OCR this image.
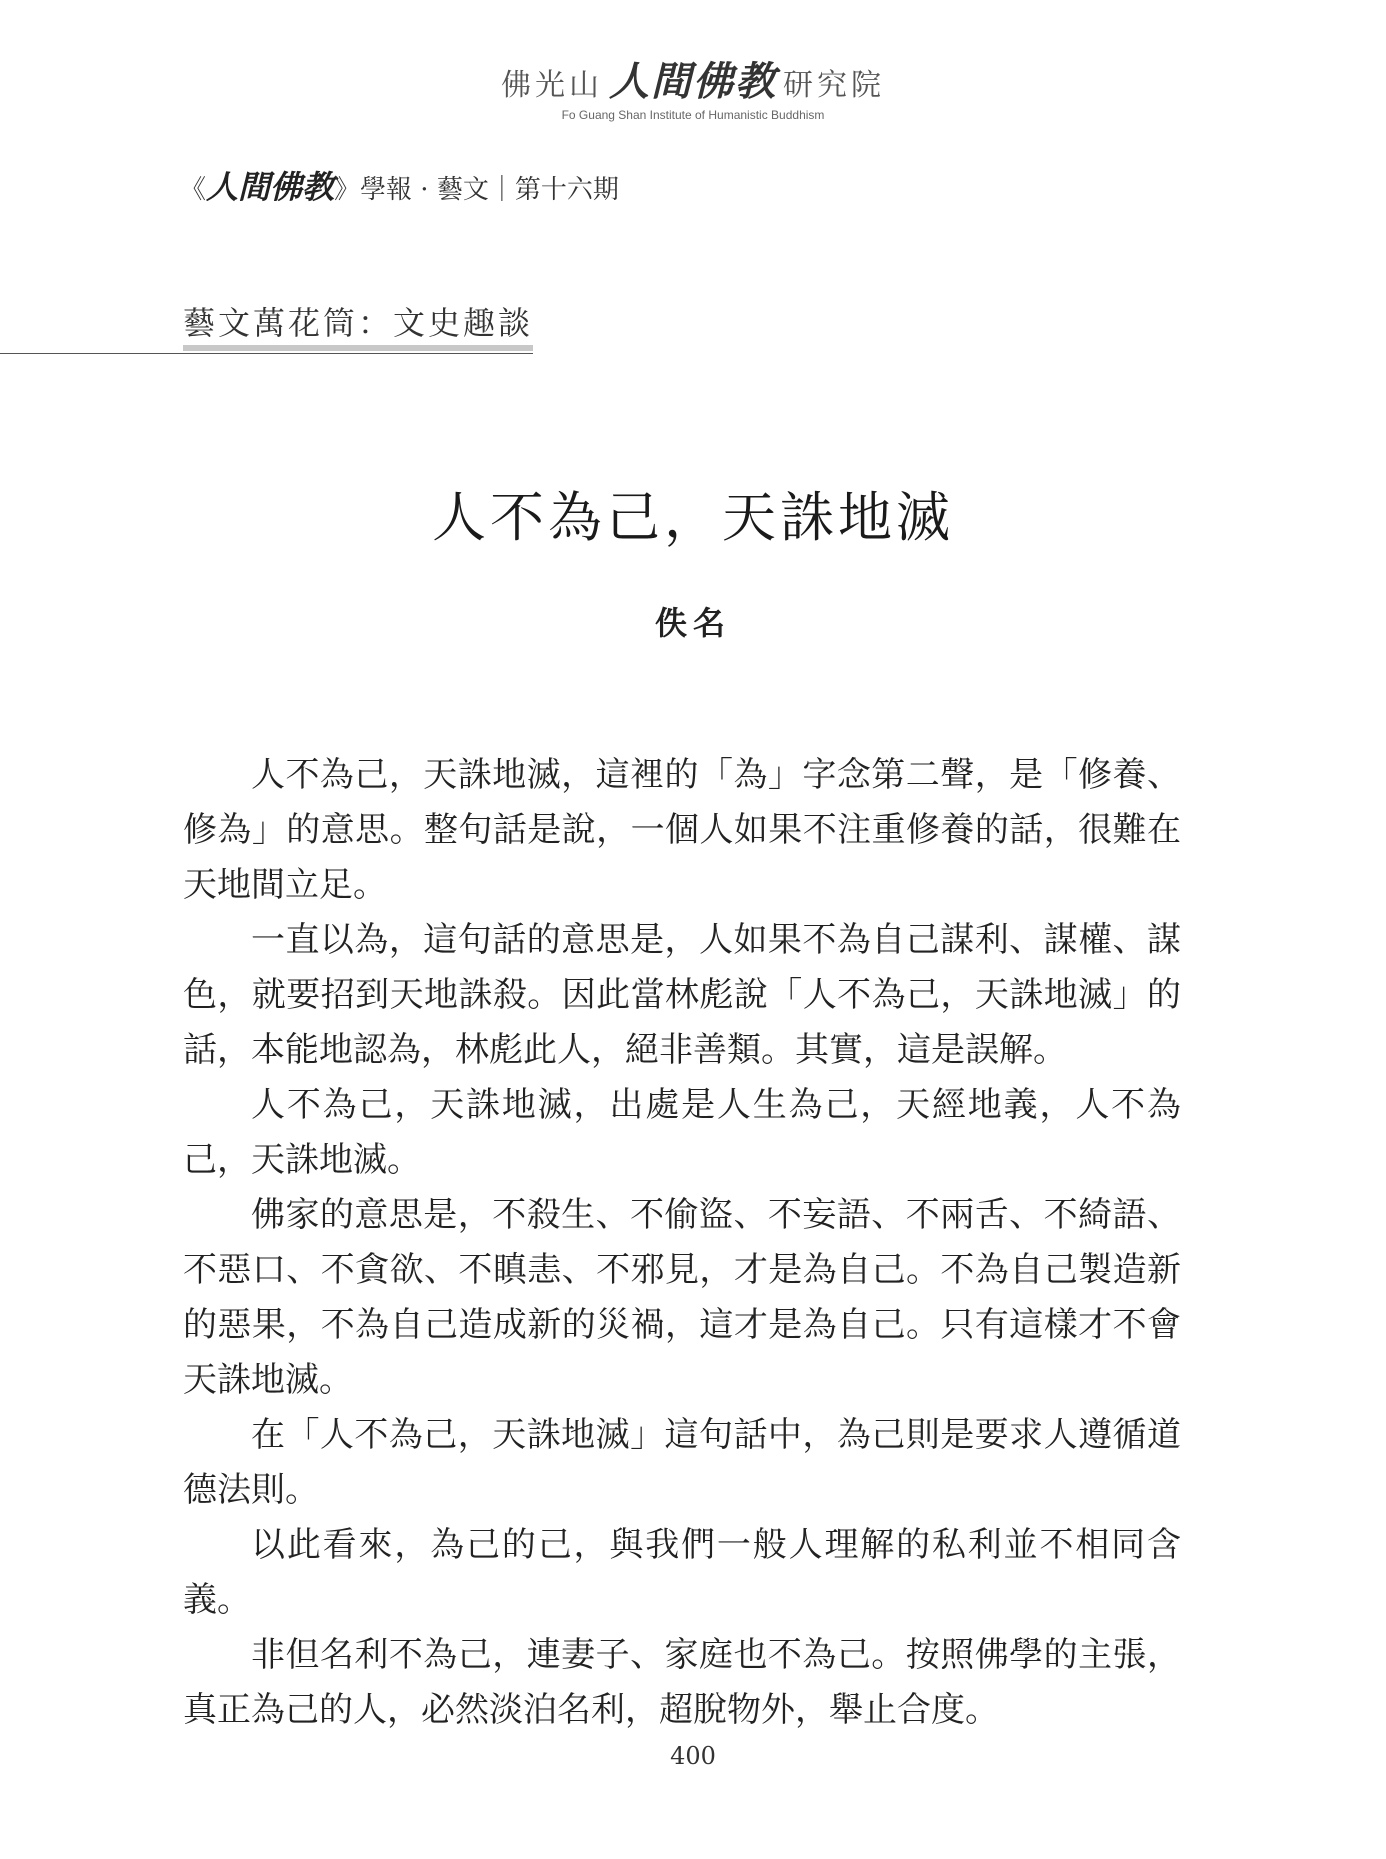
佛光山 人間佛教 研究院
Fo Guang Shan Institute of Humanistic Buddhism
《人間佛教》學報 · 藝文｜第十六期
藝文萬花筒：文史趣談
人不為己，天誅地滅
佚名

人不為己，天誅地滅，這裡的「為」字念第二聲，是「修養、修為」的意思。整句話是說，一個人如果不注重修養的話，很難在天地間立足。

一直以為，這句話的意思是，人如果不為自己謀利、謀權、謀色，就要招到天地誅殺。因此當林彪說「人不為己，天誅地滅」的話，本能地認為，林彪此人，絕非善類。其實，這是誤解。

人不為己，天誅地滅，出處是人生為己，天經地義，人不為己，天誅地滅。

佛家的意思是，不殺生、不偷盜、不妄語、不兩舌、不綺語、不惡口、不貪欲、不瞋恚、不邪見，才是為自己。不為自己製造新的惡果，不為自己造成新的災禍，這才是為自己。只有這樣才不會天誅地滅。

在「人不為己，天誅地滅」這句話中，為己則是要求人遵循道德法則。

以此看來，為己的己，與我們一般人理解的私利並不相同含義。

非但名利不為己，連妻子、家庭也不為己。按照佛學的主張，真正為己的人，必然淡泊名利，超脫物外，舉止合度。

400
